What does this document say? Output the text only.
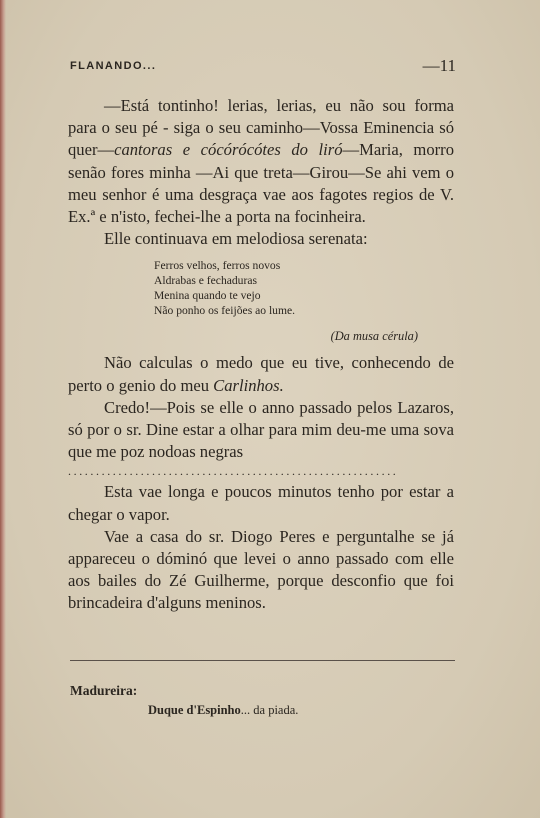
FLANANDO...	—11

—Está tontinho! lerias, lerias, eu não sou forma para o seu pé - siga o seu caminho—Vossa Eminencia só quer—cantoras e cócórócótes do liró—Maria, morro senão fores minha —Ai que treta—Girou—Se ahi vem o meu senhor é uma desgraça vae aos fagotes regios de V. Ex.ª e n'isto, fechei-lhe a porta na focinheira.

Elle continuava em melodiosa serenata:

Ferros velhos, ferros novos
Aldrabas e fechaduras
Menina quando te vejo
Não ponho os feijões ao lume.
(Da musa cérula)

Não calculas o medo que eu tive, conhecendo de perto o genio do meu Carlinhos.

Credo!—Pois se elle o anno passado pelos Lazaros, só por o sr. Dine estar a olhar para mim deu-me uma sova que me poz nodoas negras

...........................................................

Esta vae longa e poucos minutos tenho por estar a chegar o vapor.

Vae a casa do sr. Diogo Peres e perguntalhe se já appareceu o dóminó que levei o anno passado com elle aos bailes do Zé Guilherme, porque desconfio que foi brincadeira d'alguns meninos.

Madureira:
Duque d'Espinho... da piada.
